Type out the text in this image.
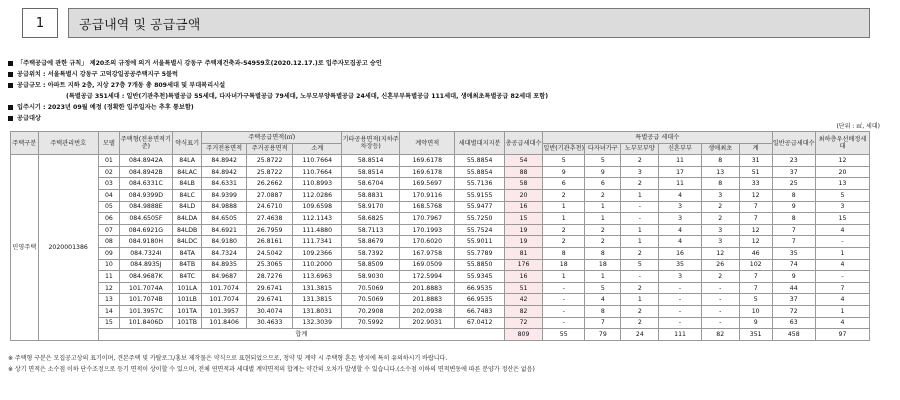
1	공급내역 및 공급금액
「주택공급에 관한 규칙」 제20조의 규정에 의거 서울특별시 강동구 주택재건축과-54959호(2020.12.17.)로 입주자모집공고 승인
공급위치 : 서울특별시 강동구 고덕강일공공주택지구 5블럭
공급규모 : 아파트 지하 2층, 지상 27층 7개동 총 809세대 및 부대복리시설
(특별공급 351세대 : 일반(기관추천)특별공급 55세대, 다자녀가구특별공급 79세대, 노부모부양특별공급 24세대, 신혼부부특별공급 111세대, 생애최초특별공급 82세대 포함)
입주시기 : 2023년 09월 예정 (정확한 입주일자는 추후 통보함)
공급대상
(단위 : ㎡, 세대)
주택구분	주택관리번호	모델	주택형(전용면적기준)	약식표기	주택공급면적(㎡)			기타공용면적(지하주차장등)	계약면적	세대별대지지분	총공급세대수	특별공급 세대수						일반공급세대수	최하층우선배정세대
					주거전용면적	주거공용면적	소계					일반(기관추천)	다자녀가구	노부모부양	신혼부부	생애최초	계		

민영주택	2020001386	01	084.8942A	84LA	84.8942	25.8722	110.7664	58.8514	169.6178	55.8854	54	5	5	2	11	8	31	23	12
		02	084.8942B	84LAC	84.8942	25.8722	110.7664	58.8514	169.6178	55.8854	88	9	9	3	17	13	51	37	20
		03	084.6331C	84LB	84.6331	26.2662	110.8993	58.6704	169.5697	55.7136	58	6	6	2	11	8	33	25	13
		04	084.9399D	84LC	84.9399	27.0887	112.0286	58.8831	170.9116	55.9155	20	2	2	1	4	3	12	8	5
		05	084.9888E	84LD	84.9888	24.6710	109.6598	58.9170	168.5768	55.9477	16	1	1	-	3	2	7	9	3
		06	084.6505F	84LDA	84.6505	27.4638	112.1143	58.6825	170.7967	55.7250	15	1	1	-	3	2	7	8	15
		07	084.6921G	84LDB	84.6921	26.7959	111.4880	58.7113	170.1993	55.7524	19	2	2	1	4	3	12	7	4
		08	084.9180H	84LDC	84.9180	26.8161	111.7341	58.8679	170.6020	55.9011	19	2	2	1	4	3	12	7	-
		09	084.7324I	84TA	84.7324	24.5042	109.2366	58.7392	167.9758	55.7789	81	8	8	2	16	12	46	35	1
		10	084.8935J	84TB	84.8935	25.3065	110.2000	58.8509	169.0509	55.8850	176	18	18	5	35	26	102	74	4
		11	084.9687K	84TC	84.9687	28.7276	113.6963	58.9030	172.5994	55.9345	16	1	1	-	3	2	7	9	-
		12	101.7074A	101LA	101.7074	29.6741	131.3815	70.5069	201.8883	66.9535	51	-	5	2	-	-	7	44	7
		13	101.7074B	101LB	101.7074	29.6741	131.3815	70.5069	201.8883	66.9535	42	-	4	1	-	-	5	37	4
		14	101.3957C	101TA	101.3957	30.4074	131.8031	70.2908	202.0938	66.7483	82	-	8	2	-	-	10	72	1
		15	101.8406D	101TB	101.8406	30.4633	132.3039	70.5992	202.9031	67.0412	72	-	7	2	-	-	9	63	4
		합계									809	55	79	24	111	82	351	458	97
※ 주택형 구분은 모집공고상의 표기이며, 견본주택 및 카탈로그/홍보 제작물은 약식으로 표현되었으므로, 청약 및 계약 시 주택형 혼돈 방지에 특히 유의하시기 바랍니다.
※ 상기 면적은 소수점 이하 단수조정으로 등기 면적이 상이할 수 있으며, 전체 연면적과 세대별 계약면적의 합계는 약간의 오차가 발생할 수 있습니다.(소수점 이하의 면적변동에 따른 분양가 정산은 없음)
